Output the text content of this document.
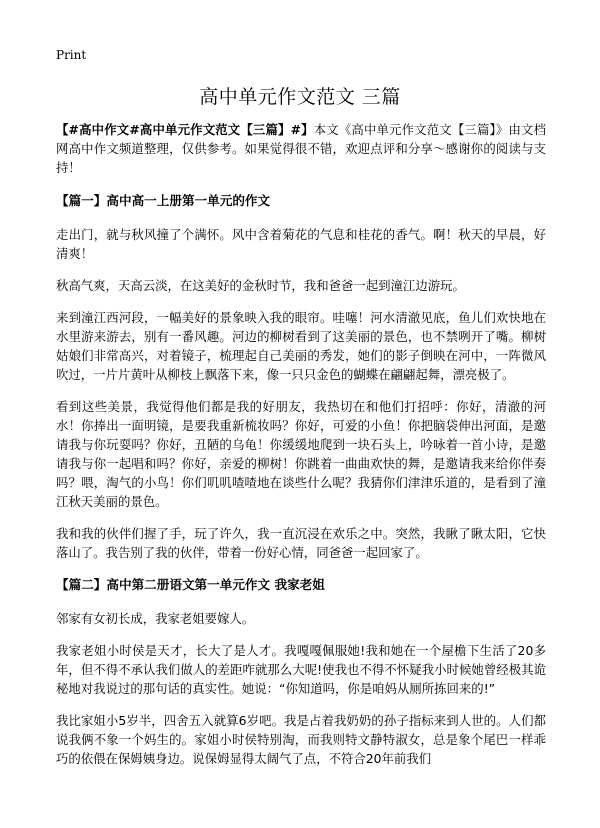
Print
高中单元作文范文 三篇

【#高中作文#高中单元作文范文【三篇】#】本文《高中单元作文范文【三篇】》由文档网高中作文频道整理，仅供参考。如果觉得很不错，欢迎点评和分享～感谢你的阅读与支持！

【篇一】高中高一上册第一单元的作文

走出门，就与秋风撞了个满怀。风中含着菊花的气息和桂花的香气。啊！秋天的早晨，好清爽！

秋高气爽，天高云淡，在这美好的金秋时节，我和爸爸一起到潼江边游玩。

来到潼江西河段，一幅美好的景象映入我的眼帘。哇噻！河水清澈见底，鱼儿们欢快地在水里游来游去，别有一番风趣。河边的柳树看到了这美丽的景色，也不禁咧开了嘴。柳树姑娘们非常高兴，对着镜子，梳理起自己美丽的秀发，她们的影子倒映在河中，一阵微风吹过，一片片黄叶从柳枝上飘落下来，像一只只金色的蝴蝶在翩翩起舞，漂亮极了。

看到这些美景，我觉得他们都是我的好朋友，我热切在和他们打招呼：你好，清澈的河水！你捧出一面明镜，是要我重新梳妆吗？你好，可爱的小鱼！你把脑袋伸出河面，是邀请我与你玩耍吗？你好，丑陋的乌龟！你缓缓地爬到一块石头上，吟咏着一首小诗，是邀请我与你一起唱和吗？你好，亲爱的柳树！你跳着一曲曲欢快的舞，是邀请我来给你伴奏吗？喂，淘气的小鸟！你们叽叽喳喳地在谈些什么呢？我猜你们津津乐道的，是看到了潼江秋天美丽的景色。

我和我的伙伴们握了手，玩了许久，我一直沉浸在欢乐之中。突然，我瞅了瞅太阳，它快落山了。我告别了我的伙伴，带着一份好心情，同爸爸一起回家了。

【篇二】高中第二册语文第一单元作文 我家老姐

邻家有女初长成，我家老姐要嫁人。

我家老姐小时侯是天才，长大了是人才。我嘎嘎佩服她!我和她在一个屋檐下生活了20多年，但不得不承认我们做人的差距咋就那么大呢!使我也不得不怀疑我小时候她曾经极其诡秘地对我说过的那句话的真实性。她说：“你知道吗，你是咱妈从厕所拣回来的!”

我比家姐小5岁半，四舍五入就算6岁吧。我是占着我奶奶的孙子指标来到人世的。人们都说我俩不象一个妈生的。家姐小时侯特别淘，而我则特文静特淑女，总是象个尾巴一样乖巧的依偎在保姆姨身边。说保姆显得太阔气了点，不符合20年前我们
